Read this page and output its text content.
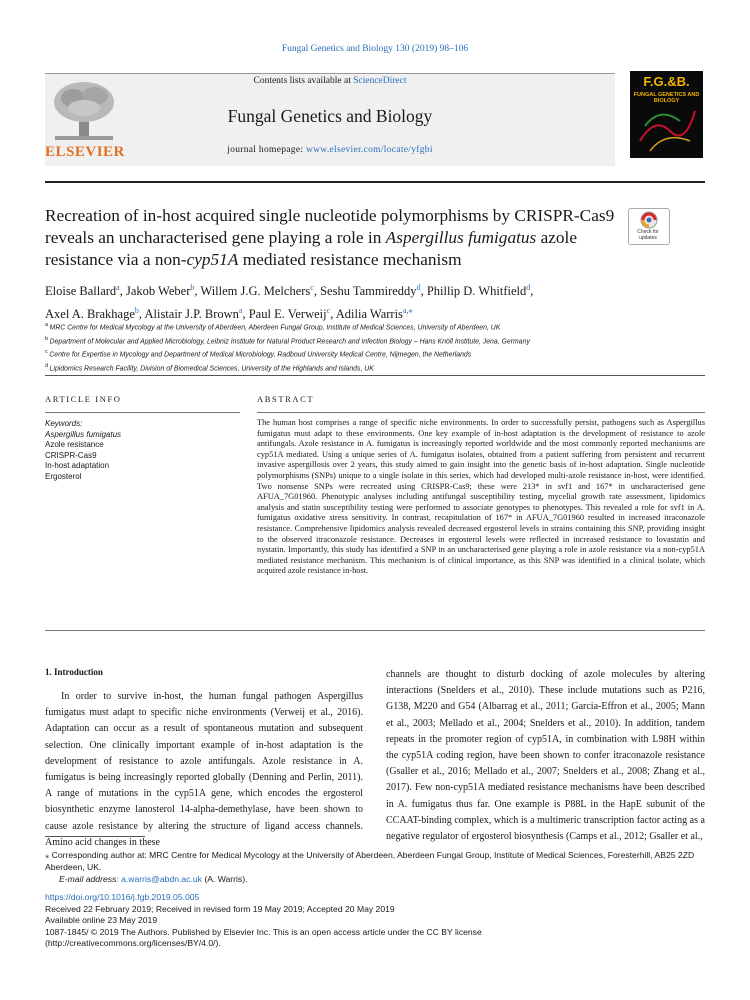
Fungal Genetics and Biology 130 (2019) 98–106
ELSEVIER
Contents lists available at ScienceDirect
Fungal Genetics and Biology
journal homepage: www.elsevier.com/locate/yfgbi
F.G.&B.
FUNGAL GENETICS AND BIOLOGY
Recreation of in-host acquired single nucleotide polymorphisms by CRISPR-Cas9 reveals an uncharacterised gene playing a role in Aspergillus fumigatus azole resistance via a non-cyp51A mediated resistance mechanism
Check for updates
Eloise Ballard$^a$, Jakob Weber$^b$, Willem J.G. Melchers$^c$, Seshu Tammireddy$^d$, Phillip D. Whitfield$^d$,
Axel A. Brakhage$^b$, Alistair J.P. Brown$^a$, Paul E. Verweij$^c$, Adilia Warris$^{a,⁎}$
$^a$ MRC Centre for Medical Mycology at the University of Aberdeen, Aberdeen Fungal Group, Institute of Medical Sciences, University of Aberdeen, UK
$^b$ Department of Molecular and Applied Microbiology, Leibniz Institute for Natural Product Research and Infection Biology – Hans Knöll Institute, Jena, Germany
$^c$ Centre for Expertise in Mycology and Department of Medical Microbiology, Radboud University Medical Centre, Nijmegen, the Netherlands
$^d$ Lipidomics Research Facility, Division of Biomedical Sciences, University of the Highlands and Islands, UK
ARTICLE INFO	ABSTRACT
Keywords:
Aspergillus fumigatus
Azole resistance
CRISPR-Cas9
In-host adaptation
Ergosterol
The human host comprises a range of specific niche environments. In order to successfully persist, pathogens such as Aspergillus fumigatus must adapt to these environments. One key example of in-host adaptation is the development of resistance to azole antifungals. Azole resistance in A. fumigatus is increasingly reported worldwide and the most commonly reported mechanisms are cyp51A mediated. Using a unique series of A. fumigatus isolates, obtained from a patient suffering from persistent and recurrent invasive aspergillosis over 2 years, this study aimed to gain insight into the genetic basis of in-host adaptation. Single nucleotide polymorphisms (SNPs) unique to a single isolate in this series, which had developed multi-azole resistance in-host, were identified. Two nonsense SNPs were recreated using CRISPR-Cas9; these were 213* in svf1 and 167* in uncharacterised gene AFUA_7G01960. Phenotypic analyses including antifungal susceptibility testing, mycelial growth rate assessment, lipidomics analysis and statin susceptibility testing were performed to associate genotypes to phenotypes. This revealed a role for svf1 in A. fumigatus oxidative stress sensitivity. In contrast, recapitulation of 167* in AFUA_7G01960 resulted in increased itraconazole resistance. Comprehensive lipidomics analysis revealed decreased ergosterol levels in strains containing this SNP, providing insight to the observed itraconazole resistance. Decreases in ergosterol levels were reflected in increased resistance to lovastatin and nystatin. Importantly, this study has identified a SNP in an uncharacterised gene playing a role in azole resistance via a non-cyp51A mediated resistance mechanism. This mechanism is of clinical importance, as this SNP was identified in a clinical isolate, which acquired azole resistance in-host.
1. Introduction
In order to survive in-host, the human fungal pathogen Aspergillus fumigatus must adapt to specific niche environments (Verweij et al., 2016). Adaptation can occur as a result of spontaneous mutation and subsequent selection. One clinically important example of in-host adaptation is the development of resistance to azole antifungals. Azole resistance in A. fumigatus is being increasingly reported globally (Denning and Perlin, 2011). A range of mutations in the cyp51A gene, which encodes the ergosterol biosynthetic enzyme lanosterol 14-alpha-demethylase, have been shown to cause azole resistance by altering the structure of ligand access channels. Amino acid changes in these
channels are thought to disturb docking of azole molecules by altering interactions (Snelders et al., 2010). These include mutations such as P216, G138, M220 and G54 (Albarrag et al., 2011; Garcia-Effron et al., 2005; Mann et al., 2003; Mellado et al., 2004; Snelders et al., 2010). In addition, tandem repeats in the promoter region of cyp51A, in combination with L98H within the cyp51A coding region, have been shown to confer itraconazole resistance (Gsaller et al., 2016; Mellado et al., 2007; Snelders et al., 2008; Zhang et al., 2017). Few non-cyp51A mediated resistance mechanisms have been described in A. fumigatus thus far. One example is P88L in the HapE subunit of the CCAAT-binding complex, which is a multimeric transcription factor acting as a negative regulator of ergosterol biosynthesis (Camps et al., 2012; Gsaller et al.,
⁎ Corresponding author at: MRC Centre for Medical Mycology at the University of Aberdeen, Aberdeen Fungal Group, Institute of Medical Sciences, Foresterhill, AB25 2ZD Aberdeen, UK.
E-mail address: a.warris@abdn.ac.uk (A. Warris).
https://doi.org/10.1016/j.fgb.2019.05.005
Received 22 February 2019; Received in revised form 19 May 2019; Accepted 20 May 2019
Available online 23 May 2019
1087-1845/ © 2019 The Authors. Published by Elsevier Inc. This is an open access article under the CC BY license
(http://creativecommons.org/licenses/BY/4.0/).
